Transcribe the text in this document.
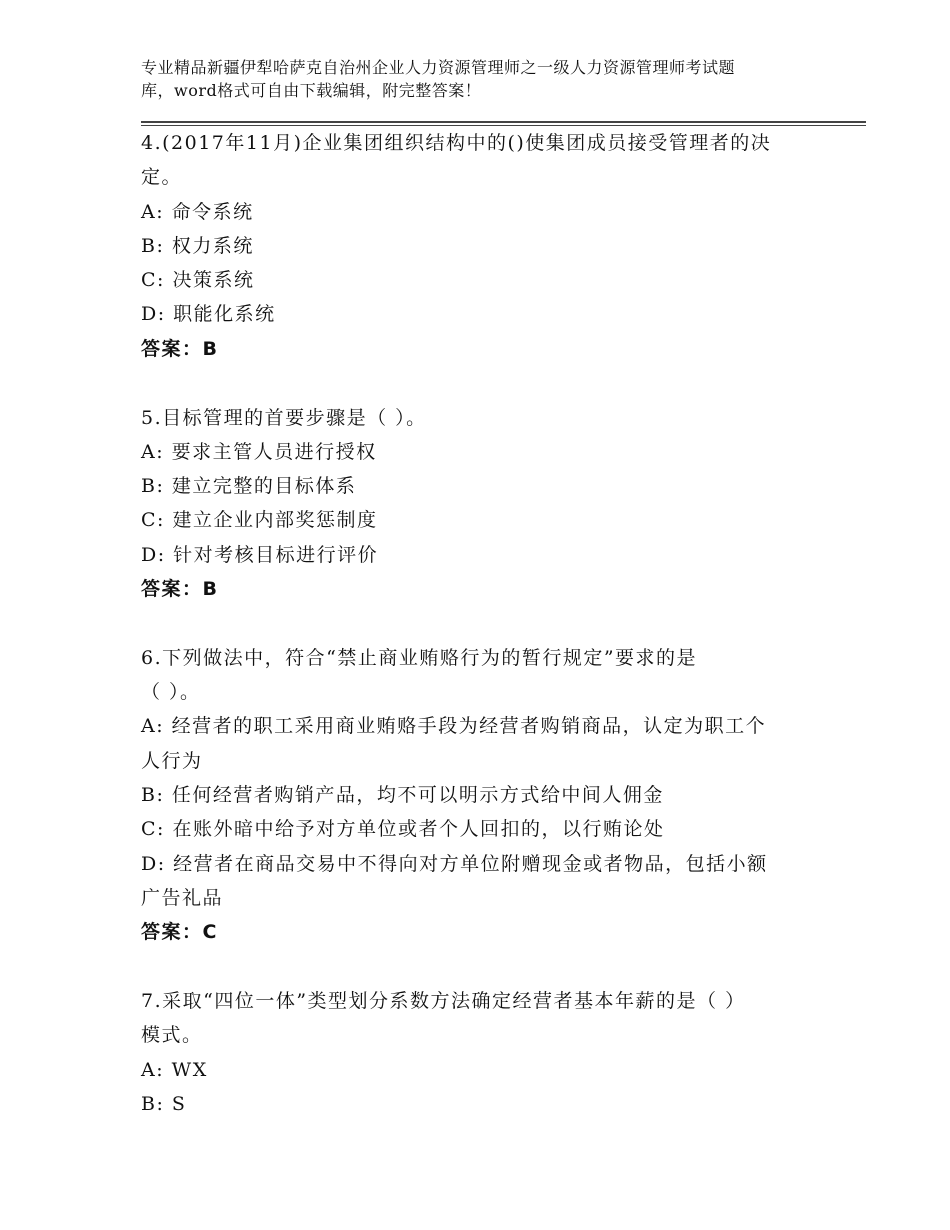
专业精品新疆伊犁哈萨克自治州企业人力资源管理师之一级人力资源管理师考试题
库，word格式可自由下载编辑，附完整答案！
4.(2017年11月)企业集团组织结构中的()使集团成员接受管理者的决
定。
A: 命令系统
B: 权力系统
C: 决策系统
D: 职能化系统
答案：B
5.目标管理的首要步骤是（ ）。
A: 要求主管人员进行授权
B: 建立完整的目标体系
C: 建立企业内部奖惩制度
D: 针对考核目标进行评价
答案：B
6.下列做法中，符合“禁止商业贿赂行为的暂行规定”要求的是
（ ）。
A: 经营者的职工采用商业贿赂手段为经营者购销商品，认定为职工个
人行为
B: 任何经营者购销产品，均不可以明示方式给中间人佣金
C: 在账外暗中给予对方单位或者个人回扣的，以行贿论处
D: 经营者在商品交易中不得向对方单位附赠现金或者物品，包括小额
广告礼品
答案：C
7.采取“四位一体”类型划分系数方法确定经营者基本年薪的是（ ）
模式。
A: WX
B: S
